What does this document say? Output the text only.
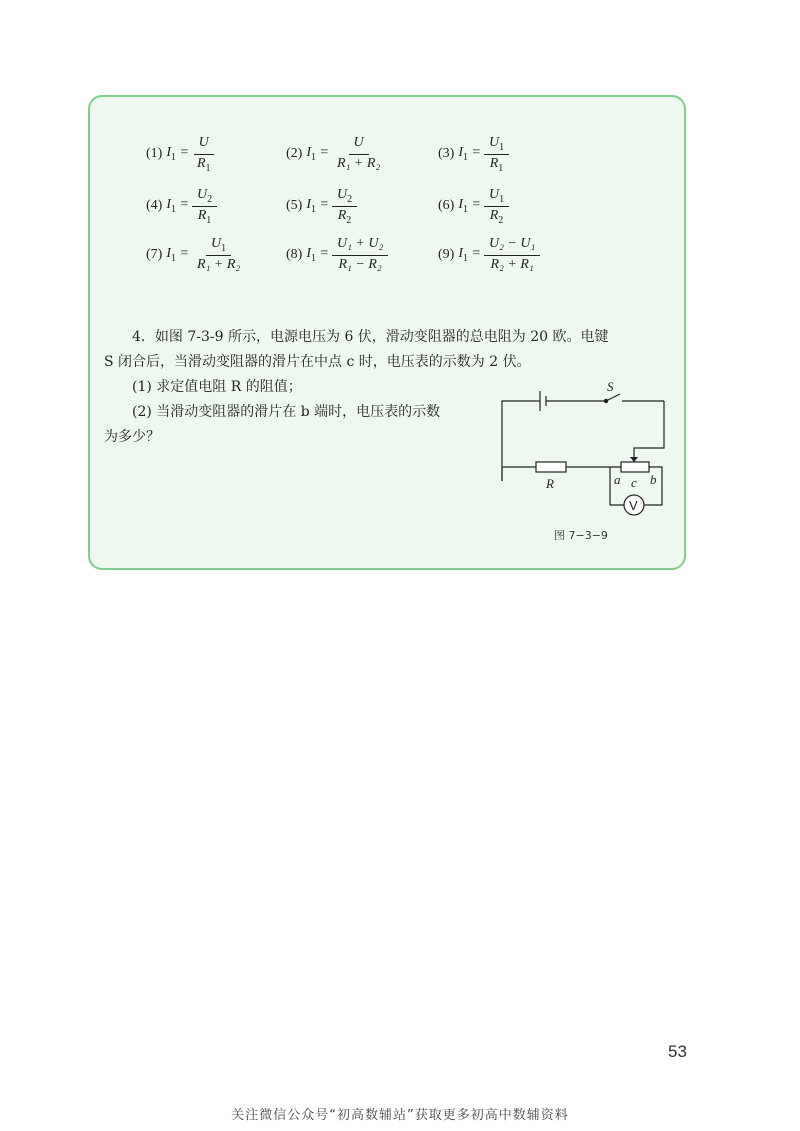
(1) $I_1 = \frac{U}{R_1}$	(2) $I_1 = \frac{U}{\text{R₁ + R₂}}$	(3) $I_1 = \frac{U_1}{R_1}$
(4) $I_1 = \frac{U_2}{R_1}$	(5) $I_1 = \frac{U_2}{R_2}$	(6) $I_1 = \frac{U_1}{R_2}$
(7) $I_1 = \frac{U_1}{\text{R₁ + R₂}}$	(8) $I_1 = \frac{\text{U₁ + U₂}}{\text{R₁ − R₂}}$	(9) $I_1 = \frac{\text{U₂ − U₁}}{\text{R₂ + R₁}}$

4．如图 7-3-9 所示，电源电压为 6 伏，滑动变阻器的总电阻为 20 欧。电键

S 闭合后，当滑动变阻器的滑片在中点 c 时，电压表的示数为 2 伏。

(1) 求定值电阻 R 的阻值；

(2) 当滑动变阻器的滑片在 b 端时，电压表的示数

为多少？

S
R	a c b
V
图 7−3−9
53
关注微信公众号“初高数辅站”获取更多初高中数辅资料
